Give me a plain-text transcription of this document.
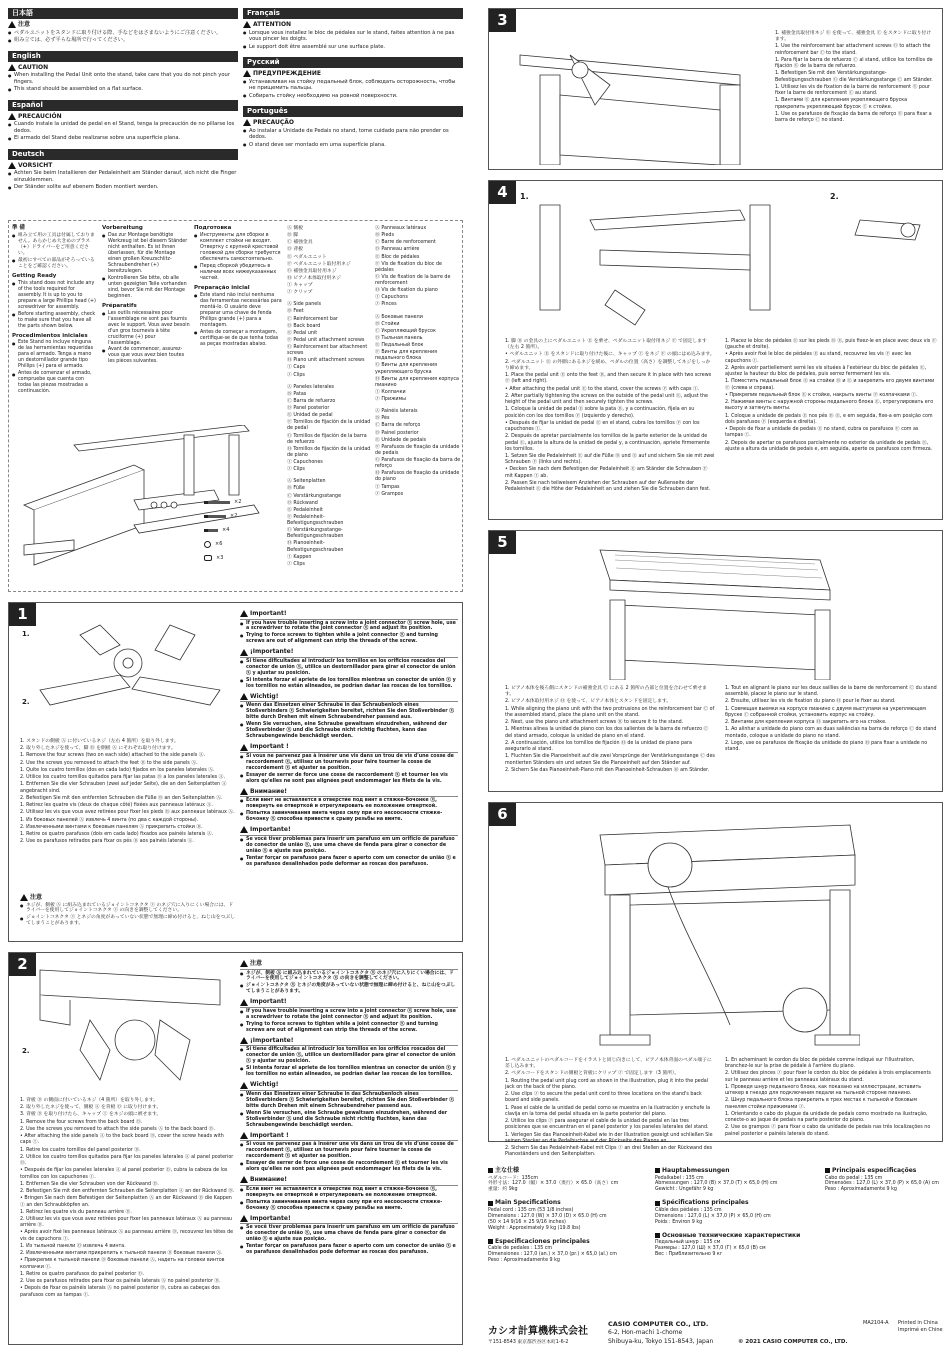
日本語
注意
● ペダルユニットをスタンドに取り付ける際、手などをはさまないようにご注意ください。
● 組み立ては、必ず平らな場所で行ってください。
English
CAUTION
● When installing the Pedal Unit onto the stand, take care that you do not pinch your fingers.
● This stand should be assembled on a flat surface.
Español
PRECAUCIÓN
● Cuando instale la unidad de pedal en el Stand, tenga la precaución de no pillarse los dedos.
● El armado del Stand debe realizarse sobre una superficie plana.
Deutsch
VORSICHT
● Achten Sie beim Installieren der Pedaleinheit am Ständer darauf, sich nicht die Finger einzuklemmen.
● Der Ständer sollte auf ebenem Boden montiert werden.
Français
ATTENTION
● Lorsque vous installez le bloc de pédales sur le stand, faites attention à ne pas vous pincer les doigts.
● Le support doit être assemblé sur une surface plate.
Русский
ПРЕДУПРЕЖДЕНИЕ
● Устанавливая на стойку педальный блок, соблюдать осторожность, чтобы не прищемить пальцы.
● Собирать стойку необходимо на ровной поверхности.
Português
PRECAUÇÃO
● Ao instalar a Unidade de Pedais no stand, tome cuidado para não prender os dedos.
● O stand deve ser montado em uma superfície plana.
準 備
● 組み立て用の工具は付属しておりません。あらかじめ大きめのプラス（+）ドライバーをご用意ください。
● 最初にすべての部品がそろっていることをご確認ください。
Getting Ready
● This stand does not include any of the tools required for assembly. It is up to you to prepare a large Phillips head (+) screwdriver for assembly.
● Before starting assembly, check to make sure that you have all the parts shown below.
Procedimientos iniciales
● Este Stand no incluye ninguna de las herramientas requeridas para el armado. Tenga a mano un destornillador grande tipo Phillips (+) para el armado.
● Antes de comenzar el armado, compruebe que cuenta con todas las piezas mostradas a continuación.
Vorbereitung
● Das zur Montage benötigte Werkzeug ist bei diesem Ständer nicht enthalten. Es ist Ihnen überlassen, für die Montage einen großen Kreuzschlitz-Schraubendreher (+) bereitzulegen.
● Kontrollieren Sie bitte, ob alle unten gezeigten Teile vorhanden sind, bevor Sie mit der Montage beginnen.
Préparatifs
● Les outils nécessaires pour l'assemblage ne sont pas fournis avec le support. Vous avez besoin d'un gros tournevis à tête cruciforme (+) pour l'assemblage.
● Avant de commencer, assurez-vous que vous avez bien toutes les pièces suivantes.
Подготовка
● Инструменты для сборки в комплект стойки не входят. Отвертку с крупной крестовой головкой для сборки требуется обеспечить самостоятельно.
● Перед сборкой убедитесь в наличии всех нижеуказанных частей.
Preparação inicial
● Este stand não inclui nenhuma das ferramentas necessárias para montá-lo. O usuário deve preparar uma chave de fenda Phillips grande (+) para a montagem.
● Antes de começar a montagem, certifique-se de que tenha todas as peças mostradas abaixo.
Ⓐ 側板
Ⓑ 脚
Ⓒ 補強金具
Ⓓ 背板
Ⓔ ペダルユニット
Ⓕ ペダルユニット取付用ネジ
Ⓖ 補強金具取付用ネジ
Ⓗ ピアノ本体取付用ネジ
Ⓘ キャップ
Ⓙ クリップ
Ⓐ Side panels
Ⓑ Feet
Ⓒ Reinforcement bar
Ⓓ Back board
Ⓔ Pedal unit
Ⓕ Pedal unit attachment screws
Ⓖ Reinforcement bar attachment screws
Ⓗ Piano unit attachment screws
Ⓘ Caps
Ⓙ Clips
Ⓐ Paneles laterales
Ⓑ Patas
Ⓒ Barra de refuerzo
Ⓓ Panel posterior
Ⓔ Unidad de pedal
Ⓕ Tornillos de fijación de la unidad de pedal
Ⓖ Tornillos de fijación de la barra de refuerzo
Ⓗ Tornillos de fijación de la unidad de piano
Ⓘ Capuchones
Ⓙ Clips
Ⓐ Seitenplatten
Ⓑ Füße
Ⓒ Verstärkungsstange
Ⓓ Rückwand
Ⓔ Pedaleinheit
Ⓕ Pedaleinheit-Befestigungsschrauben
Ⓖ Verstärkungsstange-Befestigungsschrauben
Ⓗ Pianoeinheit-Befestigungsschrauben
Ⓘ Kappen
Ⓙ Clips
Ⓐ Panneaux latéraux
Ⓑ Pieds
Ⓒ Barre de renforcement
Ⓓ Panneau arrière
Ⓔ Bloc de pédales
Ⓕ Vis de fixation du bloc de pédales
Ⓖ Vis de fixation de la barre de renforcement
Ⓗ Vis de fixation du piano
Ⓘ Capuchons
Ⓙ Pinces
Ⓐ Боковые панели
Ⓑ Стойки
Ⓒ Укрепляющий брусок
Ⓓ Тыльная панель
Ⓔ Педальный блок
Ⓕ Винты для крепления педального блока
Ⓖ Винты для крепления укрепляющего бруска
Ⓗ Винты для крепления корпуса пианино
Ⓘ Колпачки
Ⓙ Прижимы
Ⓐ Painéis laterais
Ⓑ Pés
Ⓒ Barra de reforço
Ⓓ Painel posterior
Ⓔ Unidade de pedais
Ⓕ Parafusos de fixação da unidade de pedais
Ⓖ Parafusos de fixação da barra de reforço
Ⓗ Parafusos de fixação da unidade do piano
Ⓘ Tampas
Ⓙ Grampos
×2
×2
×4
×6
×3
1
1.
2.
1. スタンドの側板 Ⓐ に付いているネジ（左右 4 箇所）を取り外します。
2. 取り外したネジを使って、脚 Ⓑ を側板 Ⓐ にそれぞれ取り付けます。
1. Remove the four screws (two on each side) attached to the side panels Ⓐ.
2. Use the screws you removed to attach the feet Ⓑ to the side panels Ⓐ.
1. Quite los cuatro tornillos (dos en cada lado) fijados en los paneles laterales Ⓐ.
2. Utilice los cuatro tornillos quitados para fijar las patas Ⓑ a los paneles laterales Ⓐ.
1. Entfernen Sie die vier Schrauben (zwei auf jeder Seite), die an den Seitenplatten Ⓐ angebracht sind.
2. Befestigen Sie mit den entfernten Schrauben die Füße Ⓑ an den Seitenplatten Ⓐ.
1. Retirez les quatre vis (deux de chaque côté) fixées aux panneaux latéraux Ⓐ.
2. Utilisez les vis que vous avez retirées pour fixer les pieds Ⓑ aux panneaux latéraux Ⓐ.
1. Из боковых панелей Ⓐ извлечь 4 винта (по два с каждой стороны).
2. Извлеченными винтами к боковым панелям Ⓐ прикрепить стойки Ⓑ.
1. Retire os quatro parafusos (dois em cada lado) fixados aos painéis laterais Ⓐ.
2. Use os parafusos retirados para fixar os pés Ⓑ aos painéis laterais Ⓐ.
注意
● ネジが、側板 Ⓐ に組み込まれているジョイントコネクタ ⓧ のネジ穴に入りにくい場合には、ドライバーを使用してジョイントコネクタ ⓧ の向きを調整してください。
● ジョイントコネクタ ⓧ とネジの角度があっていない状態で無理に締め付けると、ねじ山をつぶしてしまうことがあります。
Important!
● If you have trouble inserting a screw into a joint connector ⓧ screw hole, use a screwdriver to rotate the joint connector ⓧ and adjust its position.
● Trying to force screws to tighten while a joint connector ⓧ and turning screws are out of alignment can strip the threads of the screw.
¡Importante!
● Si tiene dificultades al introducir los tornillos en los orificios roscados del conector de unión ⓧ, utilice un destornillador para girar el conector de unión ⓧ y ajustar su posición.
● Si intenta forzar el apriete de los tornillos mientras un conector de unión ⓧ y los tornillos no están alineados, se podrían dañar las roscas de los tornillos.
Wichtig!
● Wenn das Einsetzen einer Schraube in das Schraubenloch eines Stoßverbinders ⓧ Schwierigkeiten bereitet, richten Sie den Stoßverbinder ⓧ bitte durch Drehen mit einem Schraubendreher passend aus.
● Wenn Sie versuchen, eine Schraube gewaltsam einzudrehen, während der Stoßverbinder ⓧ und die Schraube nicht richtig fluchten, kann das Schraubengewinde beschädigt werden.
Important !
● Si vous ne parvenez pas à insérer une vis dans un trou de vis d'une cosse de raccordement ⓧ, utilisez un tournevis pour faire tourner la cosse de raccordement ⓧ et ajuster sa position.
● Essayer de serrer de force une cosse de raccordement ⓧ et tourner les vis alors qu'elles ne sont pas alignées peut endommager les filets de la vis.
Внимание!
● Если винт не вставляется в отверстие под винт в стяжке-бочонке ⓧ, повернуть ее отверткой и отрегулировать ее положение отверткой.
● Попытка завинчивания винта через силу при его несоосности стяжке-бочонку ⓧ способна привести к срыву резьбы на винте.
Importante!
● Se você tiver problemas para inserir um parafuso em um orifício de parafuso do conector de união ⓧ, use uma chave de fenda para girar o conector de união ⓧ e ajuste sua posição.
● Tentar forçar os parafusos para fazer o aperto com um conector de união ⓧ e os parafusos desalinhados pode deformar as roscas dos parafusos.
2
2.
1. 背板 Ⓓ の側面に付いているネジ（4 箇所）を取り外します。
2. 取り外したネジを使って、側板 Ⓐ を背板 Ⓓ に取り付けます。
3. 背板 Ⓓ を取り付けたら、キャップ Ⓘ をネジの頭に被せます。
1. Remove the four screws from the back board Ⓓ.
2. Use the screws you removed to attach the side panels Ⓐ to the back board Ⓓ.
• After attaching the side panels Ⓐ to the back board Ⓓ, cover the screw heads with caps Ⓘ.
1. Retire los cuatro tornillos del panel posterior Ⓓ.
2. Utilice los cuatro tornillos quitados para fijar los paneles laterales Ⓐ al panel posterior Ⓓ.
• Después de fijar los paneles laterales Ⓐ al panel posterior Ⓓ, cubra la cabeza de los tornillos con los capuchones Ⓘ.
1. Entfernen Sie die vier Schrauben von der Rückwand Ⓓ.
2. Befestigen Sie mit den entfernten Schrauben die Seitenplatten Ⓐ an der Rückwand Ⓓ.
• Bringen Sie nach dem Befestigen der Seitenplatten Ⓐ an der Rückwand Ⓓ die Kappen Ⓘ an den Schraubköpfen an.
1. Retirez les quatre vis du panneau arrière Ⓓ.
2. Utilisez les vis que vous avez retirées pour fixer les panneaux latéraux Ⓐ au panneau arrière Ⓓ.
• Après avoir fixé les panneaux latéraux Ⓐ au panneau arrière Ⓓ, recouvrez les têtes de vis de capuchons Ⓘ.
1. Из тыльной панели Ⓓ извлечь 4 винта.
2. Извлеченными винтами прикрепить к тыльной панели Ⓓ боковые панели Ⓐ.
• Прикрепив к тыльной панели Ⓓ боковые панели Ⓐ, надеть на головки винтов колпачки Ⓘ.
1. Retire os quatro parafusos do painel posterior Ⓓ.
2. Use os parafusos retirados para fixar os painéis laterais Ⓐ no painel posterior Ⓓ.
• Depois de fixar os painéis laterais Ⓐ no painel posterior Ⓓ, cubra as cabeças dos parafusos com as tampas Ⓘ.
注意
● ネジが、側板 Ⓐ に組み込まれているジョイントコネクタ ⓧ のネジ穴に入りにくい場合には、ドライバーを使用してジョイントコネクタ ⓧ の向きを調整してください。
● ジョイントコネクタ ⓧ とネジの角度があっていない状態で無理に締め付けると、ねじ山をつぶしてしまうことがあります。
Important!
● If you have trouble inserting a screw into a joint connector ⓧ screw hole, use a screwdriver to rotate the joint connector ⓧ and adjust its position.
● Trying to force screws to tighten while a joint connector ⓧ and turning screws are out of alignment can strip the threads of the screw.
¡Importante!
● Si tiene dificultades al introducir los tornillos en los orificios roscados del conector de unión ⓧ, utilice un destornillador para girar el conector de unión ⓧ y ajustar su posición.
● Si intenta forzar el apriete de los tornillos mientras un conector de unión ⓧ y los tornillos no están alineados, se podrían dañar las roscas de los tornillos.
Wichtig!
● Wenn das Einsetzen einer Schraube in das Schraubenloch eines Stoßverbinders ⓧ Schwierigkeiten bereitet, richten Sie den Stoßverbinder ⓧ bitte durch Drehen mit einem Schraubendreher passend aus.
● Wenn Sie versuchen, eine Schraube gewaltsam einzudrehen, während der Stoßverbinder ⓧ und die Schraube nicht richtig fluchten, kann das Schraubengewinde beschädigt werden.
Important !
● Si vous ne parvenez pas à insérer une vis dans un trou de vis d'une cosse de raccordement ⓧ, utilisez un tournevis pour faire tourner la cosse de raccordement ⓧ et ajuster sa position.
● Essayer de serrer de force une cosse de raccordement ⓧ et tourner les vis alors qu'elles ne sont pas alignées peut endommager les filets de la vis.
Внимание!
● Если винт не вставляется в отверстие под винт в стяжке-бочонке ⓧ, повернуть ее отверткой и отрегулировать ее положение отверткой.
● Попытка завинчивания винта через силу при его несоосности стяжке-бочонку ⓧ способна привести к срыву резьбы на винте.
Importante!
● Se você tiver problemas para inserir um parafuso em um orifício de parafuso do conector de união ⓧ, use uma chave de fenda para girar o conector de união ⓧ e ajuste sua posição.
● Tentar forçar os parafusos para fazer o aperto com um conector de união ⓧ e os parafusos desalinhados pode deformar as roscas dos parafusos.
3
1. 補強金具取付用ネジ Ⓖ を使って、補強金具 Ⓒ をスタンドに取り付けます。
1. Use the reinforcement bar attachment screws Ⓖ to attach the reinforcement bar Ⓒ to the stand.
1. Para fijar la barra de refuerzo Ⓒ al stand, utilice los tornillos de fijación Ⓖ de la barra de refuerzo.
1. Befestigen Sie mit den Verstärkungsstange-Befestigungsschrauben Ⓖ die Verstärkungsstange Ⓒ am Ständer.
1. Utilisez les vis de fixation de la barre de renforcement Ⓖ pour fixer la barre de renforcement Ⓒ au stand.
1. Винтами Ⓖ для крепления укрепляющего бруска прикрепить укрепляющий брусок Ⓒ к стойке.
1. Use os parafusos de fixação da barra de reforço Ⓖ para fixar a barra de reforço Ⓒ no stand.
4	1.	2.
1. 脚 Ⓑ の金具の上にペダルユニット Ⓔ を乗せ、ペダルユニット取付用ネジ Ⓕ で固定します（左右 2 箇所）。
• ペダルユニット Ⓔ をスタンドに取り付けた後に、キャップ Ⓘ をネジ Ⓕ の頭にはめ込みます。
2. ペダルユニット Ⓔ の外側にあるネジを緩め、ペダルの位置（高さ）を調整してネジをしっかり締めます。
1. Place the pedal unit Ⓔ onto the feet Ⓑ, and then secure it in place with two screws Ⓕ (left and right).
• After attaching the pedal unit Ⓔ to the stand, cover the screws Ⓕ with caps Ⓘ.
2. After partially tightening the screws on the outside of the pedal unit Ⓔ, adjust the height of the pedal unit and then securely tighten the screws.
1. Coloque la unidad de pedal Ⓔ sobre la pata Ⓑ, y a continuación, fíjela en su posición con los dos tornillos Ⓕ (izquierdo y derecho).
• Después de fijar la unidad de pedal Ⓔ en el stand, cubra los tornillos Ⓕ con los capuchones Ⓘ.
2. Después de apretar parcialmente los tornillos de la parte exterior de la unidad de pedal Ⓔ, ajuste la altura de la unidad de pedal y, a continuación, apriete firmemente los tornillos.
1. Setzen Sie die Pedaleinheit Ⓔ auf die Füße Ⓑ und Ⓔ auf und sichern Sie sie mit zwei Schrauben Ⓕ (links und rechts).
• Decken Sie nach dem Befestigen der Pedaleinheit Ⓔ am Ständer die Schrauben Ⓕ mit Kappen Ⓘ ab.
2. Passen Sie nach teilweisem Anziehen der Schrauben auf der Außenseite der Pedaleinheit Ⓔ die Höhe der Pedaleinheit an und ziehen Sie die Schrauben dann fest.
1. Placez le bloc de pédales Ⓔ sur les pieds Ⓑ Ⓔ, puis fixez-le en place avec deux vis Ⓕ (gauche et droite).
• Après avoir fixé le bloc de pédales Ⓔ au stand, recouvrez les vis Ⓕ avec les capuchons Ⓘ.
2. Après avoir partiellement serré les vis situées à l'extérieur du bloc de pédales Ⓔ, ajustez la hauteur du bloc de pédales, puis serrez fermement les vis.
1. Поместить педальный блок Ⓔ на стойки Ⓑ и Ⓔ и закрепить его двумя винтами Ⓕ (слева и справа).
• Прикрепив педальный блок Ⓔ к стойке, накрыть винты Ⓕ колпачками Ⓘ.
2. Нажимая винты с наружной стороны педального блока Ⓔ, отрегулировать его высоту и затянуть винты.
1. Coloque a unidade de pedais Ⓔ nos pés Ⓑ Ⓔ, e em seguida, fixe-a em posição com dois parafusos Ⓕ (esquerda e direita).
• Depois de fixar a unidade de pedais Ⓔ no stand, cubra os parafusos Ⓕ com as tampas Ⓘ.
2. Depois de apertar os parafusos parcialmente no exterior da unidade de pedais Ⓔ, ajuste a altura da unidade de pedais e, em seguida, aperte os parafusos com firmeza.
5
1. ピアノ本体を後ろ側にスタンドの補強金具 Ⓒ にある 2 箇所の凸部と位置を合わせて乗せます。
2. ピアノ本体取付用ネジ Ⓗ を使って、ピアノ本体とスタンドを固定します。
1. While aligning the piano unit with the two protrusions on the reinforcement bar Ⓒ of the assembled stand, place the piano unit on the stand.
2. Next, use the piano unit attachment screws Ⓗ to secure it to the stand.
1. Mientras alinea la unidad de piano con los dos salientes de la barra de refuerzo Ⓒ del stand armado, coloque la unidad de piano en el stand.
2. A continuación, utilice los tornillos de fijación Ⓗ de la unidad de piano para asegurarlo al stand.
1. Fluchten Sie die Pianoeinheit auf die zwei Vorsprünge der Verstärkungsstange Ⓒ des montierten Ständers ein und setzen Sie die Pianoeinheit auf den Ständer auf.
2. Sichern Sie das Pianoeinheit-Piano mit den Pianoeinheit-Schrauben Ⓗ am Ständer.
1. Tout en alignant le piano sur les deux saillies de la barre de renforcement Ⓒ du stand assemblé, placez le piano sur le stand.
2. Ensuite, utilisez les vis de fixation du piano Ⓗ pour le fixer au stand.
1. Совмещая выемки на корпусе пианино с двумя выступами на укрепляющем бруске Ⓒ собранной стойки, установить корпус на стойку.
2. Винтами для крепления корпуса Ⓗ закрепить его на стойке.
1. Ao alinhar a unidade do piano com as duas saliências na barra de reforço Ⓒ do stand montado, coloque a unidade do piano no stand.
2. Logo, use os parafusos de fixação da unidade do piano Ⓗ para fixar a unidade no stand.
6
1. ペダルユニットのペダルコードをイラストと同じ向きにして、ピアノ本体背面のペダル端子に差し込みます。
2. ペダルコードをスタンドの側板と背板にクリップ Ⓙ で固定します（3 箇所）。
1. Routing the pedal unit plug cord as shown in the illustration, plug it into the pedal jack on the back of the piano.
2. Use clips Ⓙ to secure the pedal unit cord to three locations on the stand's back board and side panels.
1. Pase el cable de la unidad de pedal como se muestra en la ilustración y enchufe la clavija en la toma del pedal situada en la parte posterior del piano.
2. Utilice los clips Ⓙ para asegurar el cable de la unidad de pedal en las tres posiciones que se encuentran en el panel posterior y los paneles laterales del stand.
1. Verlegen Sie das Pianoeinheit-Kabel wie in der Illustration gezeigt und schließen Sie seinen Stecker an die Pedalbuchse auf der Rückseite des Pianos an.
2. Sichern Sie das Pedaleinheit-Kabel mit Clips Ⓙ an drei Stellen an der Rückwand des Pianoständers und den Seitenplatten.
1. En acheminant le cordon du bloc de pédale comme indiqué sur l'illustration, branchez-le sur la prise de pédale à l'arrière du piano.
2. Utilisez des pinces Ⓙ pour fixer le cordon du bloc de pédales à trois emplacements sur le panneau arrière et les panneaux latéraux du stand.
1. Проведя шнур педального блока, как показано на иллюстрации, вставить штекер в гнездо для подключения педали на тыльной стороне пианино.
2. Шнур педального блока прикрепить в трех местах к тыльной и боковым панелям стойки прижимами Ⓙ.
1. Orientando o cabo do plugue da unidade de pedais como mostrado na ilustração, conecte-o ao jaque de pedais na parte posterior do piano.
2. Use os grampos Ⓙ para fixar o cabo da unidade de pedais nas três localizações no painel posterior e painéis laterais do stand.
主な仕様
ペダルコード：135cm
外形寸法：127.0（幅）× 37.0（奥行）× 65.0（高さ）cm
重量：約 9kg
Main Specifications
Pedal cord : 135 cm (53 1/8 inches)
Dimensions : 127.0 (W) × 37.0 (D) × 65.0 (H) cm
(50 × 14 9/16 × 25 9/16 inches)
Weight : Approximately 9 kg (19.8 lbs)
Especificaciones principales
Cable de pedales : 135 cm
Dimensiones : 127,0 (an.) × 37,0 (pr.) × 65,0 (al.) cm
Peso : Aproximadamente 9 kg
Hauptabmessungen
Pedalkabel : 135 cm
Abmessungen : 127,0 (B) × 37,0 (T) × 65,0 (H) cm
Gewicht : Ungefähr 9 kg
Spécifications principales
Câble des pédales : 135 cm
Dimensions : 127,0 (L) × 37,0 (P) × 65,0 (H) cm
Poids : Environ 9 kg
Основные технические характеристики
Педальный шнур : 135 см
Размеры : 127,0 (Ш) × 37,0 (Г) × 65,0 (В) см
Вес : Приблизительно 9 кг
Principais especificações
Cabo do pedal : 135 cm
Dimensões : 127,0 (L) × 37,0 (P) × 65,0 (A) cm
Peso : Aproximadamente 9 kg
カシオ計算機株式会社
〒151-8543 東京都渋谷区本町1-6-2
CASIO COMPUTER CO., LTD.
6-2, Hon-machi 1-chome
Shibuya-ku, Tokyo 151-8543, Japan	© 2021 CASIO COMPUTER CO., LTD.
MA2104-A Printed in China
Imprimé en Chine
